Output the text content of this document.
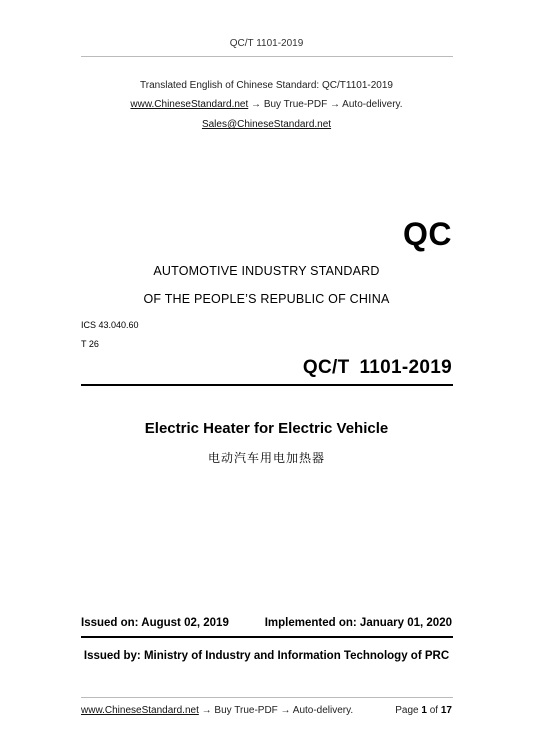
QC/T 1101-2019
Translated English of Chinese Standard: QC/T1101-2019
www.ChineseStandard.net → Buy True-PDF → Auto-delivery.
Sales@ChineseStandard.net
QC
AUTOMOTIVE INDUSTRY STANDARD
OF THE PEOPLE’S REPUBLIC OF CHINA
ICS 43.040.60
T 26
QC/T 1101-2019
Electric Heater for Electric Vehicle
电动汽车用电加热器
Issued on: August 02, 2019	Implemented on: January 01, 2020
Issued by: Ministry of Industry and Information Technology of PRC
www.ChineseStandard.net → Buy True-PDF → Auto-delivery.	Page 1 of 17
